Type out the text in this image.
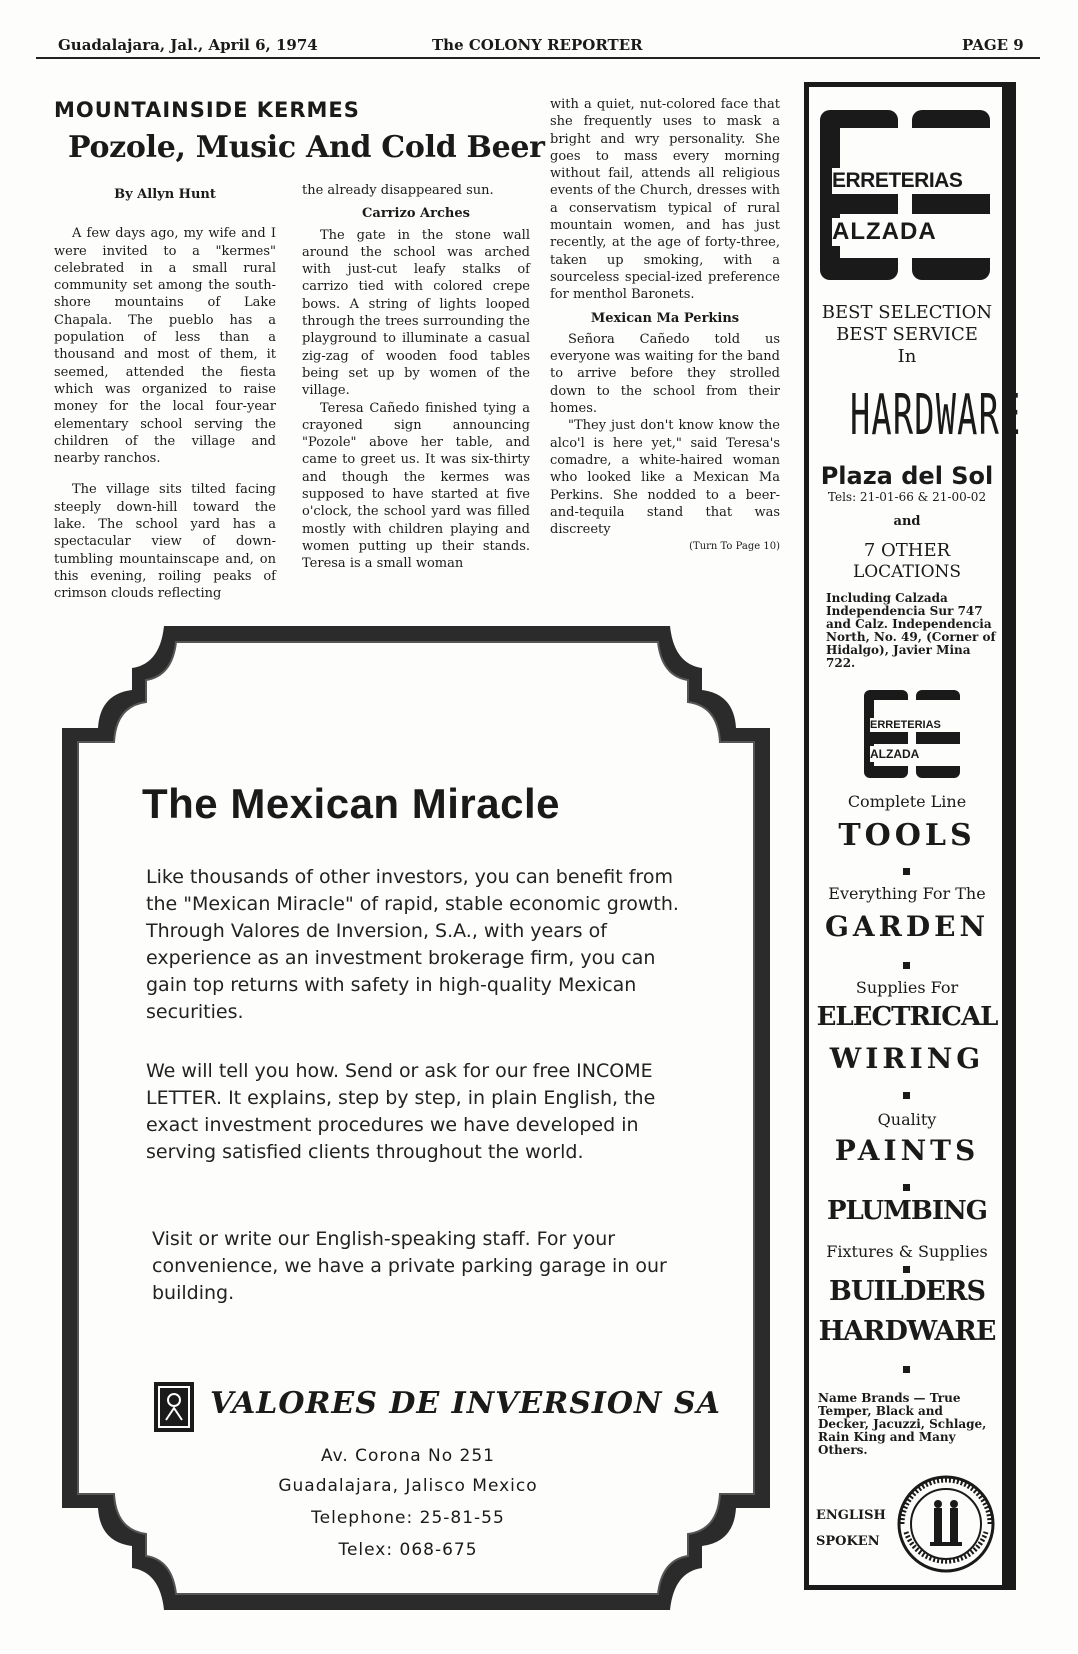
Guadalajara, Jal., April 6, 1974	The COLONY REPORTER	PAGE 9
MOUNTAINSIDE KERMES
Pozole, Music And Cold Beer

By Allyn Hunt

A few days ago, my wife and I were invited to a "kermes" celebrated in a small rural community set among the south-shore mountains of Lake Chapala. The pueblo has a population of less than a thousand and most of them, it seemed, attended the fiesta which was organized to raise money for the local four-year elementary school serving the children of the village and nearby ranchos.

The village sits tilted facing steeply down-hill toward the lake. The school yard has a spectacular view of down-tumbling mountainscape and, on this evening, roiling peaks of crimson clouds reflecting

the already disappeared sun.

Carrizo Arches

The gate in the stone wall around the school was arched with just-cut leafy stalks of carrizo tied with colored crepe bows. A string of lights looped through the trees surrounding the playground to illuminate a casual zig-zag of wooden food tables being set up by women of the village.

Teresa Cañedo finished tying a crayoned sign announcing "Pozole" above her table, and came to greet us. It was six-thirty and though the kermes was supposed to have started at five o'clock, the school yard was filled mostly with children playing and women putting up their stands. Teresa is a small woman

with a quiet, nut-colored face that she frequently uses to mask a bright and wry personality. She goes to mass every morning without fail, attends all religious events of the Church, dresses with a conservatism typical of rural mountain women, and has just recently, at the age of forty-three, taken up smoking, with a sourceless special-ized preference for menthol Baronets.

Mexican Ma Perkins

Señora Cañedo told us everyone was waiting for the band to arrive before they strolled down to the school from their homes.

"They just don't know know the alco'l is here yet," said Teresa's comadre, a white-haired woman who looked like a Mexican Ma Perkins. She nodded to a beer-and-tequila stand that was discreety

(Turn To Page 10)

The Mexican Miracle
Like thousands of other investors, you can benefit from the "Mexican Miracle" of rapid, stable economic growth. Through Valores de Inversion, S.A., with years of experience as an investment brokerage firm, you can gain top returns with safety in high-quality Mexican securities.
We will tell you how. Send or ask for our free INCOME LETTER. It explains, step by step, in plain English, the exact investment procedures we have developed in serving satisfied clients throughout the world.
Visit or write our English-speaking staff. For your convenience, we have a private parking garage in our building.
VALORES DE INVERSION SA
Av. Corona No 251
Guadalajara, Jalisco Mexico
Telephone: 25-81-55
Telex: 068-675
ERRETERIAS
ALZADA
BEST SELECTION
BEST SERVICE
In
HARDWARE
Plaza del Sol
Tels: 21-01-66 & 21-00-02
and
7 OTHER
LOCATIONS
Including Calzada Independencia Sur 747 and Calz. Independencia North, No. 49, (Corner of Hidalgo), Javier Mina 722.
ERRETERIAS
ALZADA
Complete Line
TOOLS
Everything For The
GARDEN
Supplies For
ELECTRICAL
WIRING
Quality
PAINTS
PLUMBING
Fixtures & Supplies
BUILDERS
HARDWARE
Name Brands — True Temper, Black and Decker, Jacuzzi, Schlage, Rain King and Many Others.
ENGLISH
SPOKEN
